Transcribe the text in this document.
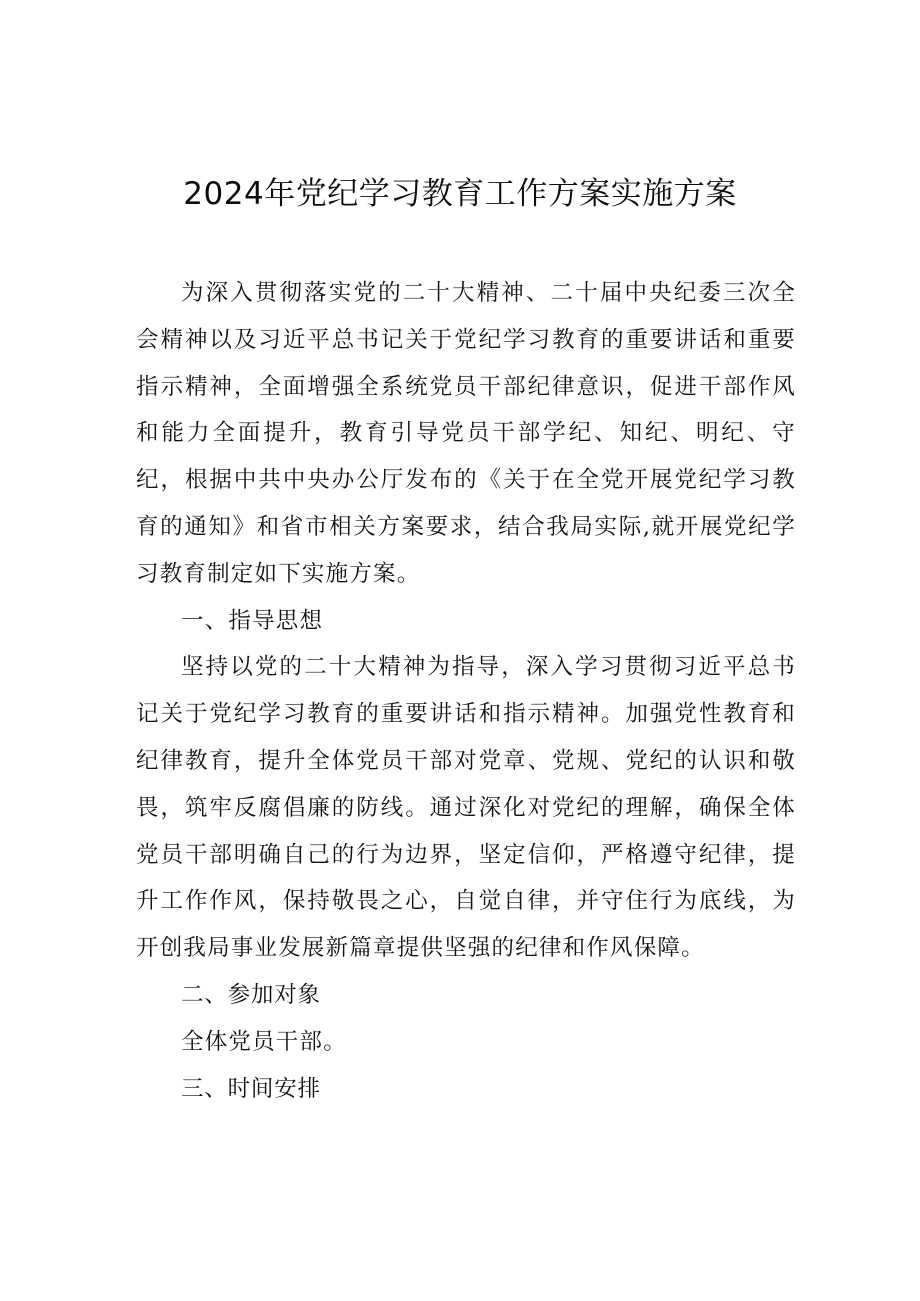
2024年党纪学习教育工作方案实施方案

为深入贯彻落实党的二十大精神、二十届中央纪委三次全会精神以及习近平总书记关于党纪学习教育的重要讲话和重要指示精神，全面增强全系统党员干部纪律意识，促进干部作风和能力全面提升，教育引导党员干部学纪、知纪、明纪、守纪，根据中共中央办公厅发布的《关于在全党开展党纪学习教育的通知》和省市相关方案要求，结合我局实际,就开展党纪学习教育制定如下实施方案。

一、指导思想

坚持以党的二十大精神为指导，深入学习贯彻习近平总书记关于党纪学习教育的重要讲话和指示精神。加强党性教育和纪律教育，提升全体党员干部对党章、党规、党纪的认识和敬畏，筑牢反腐倡廉的防线。通过深化对党纪的理解，确保全体党员干部明确自己的行为边界，坚定信仰，严格遵守纪律，提升工作作风，保持敬畏之心，自觉自律，并守住行为底线，为开创我局事业发展新篇章提供坚强的纪律和作风保障。

二、参加对象

全体党员干部。

三、时间安排
